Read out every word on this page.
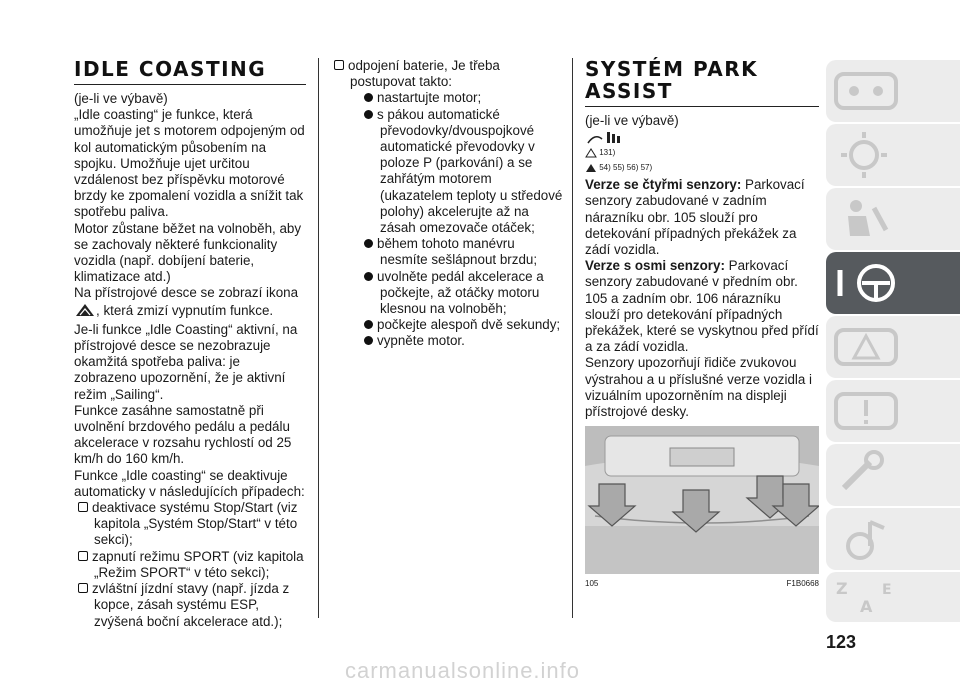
IDLE COASTING

(je-li ve výbavě)

„Idle coasting“ je funkce, která umožňuje jet s motorem odpojeným od kol automatickým působením na spojku. Umožňuje ujet určitou vzdálenost bez příspěvku motorové brzdy ke zpomalení vozidla a snížit tak spotřebu paliva.

Motor zůstane běžet na volnoběh, aby se zachovaly některé funkcionality vozidla (např. dobíjení baterie, klimatizace atd.)

Na přístrojové desce se zobrazí ikona
, která zmizí vypnutím funkce.

Je-li funkce „Idle Coasting“ aktivní, na přístrojové desce se nezobrazuje okamžitá spotřeba paliva: je zobrazeno upozornění, že je aktivní režim „Sailing“.

Funkce zasáhne samostatně při uvolnění brzdového pedálu a pedálu akcelerace v rozsahu rychlostí od 25 km/h do 160 km/h.

Funkce „Idle coasting“ se deaktivuje automaticky v následujících případech:

deaktivace systému Stop/Start (viz kapitola „Systém Stop/Start“ v této sekci);

zapnutí režimu SPORT (viz kapitola „Režim SPORT“ v této sekci);

zvláštní jízdní stavy (např. jízda z kopce, zásah systému ESP, zvýšená boční akcelerace atd.);

odpojení baterie, Je třeba postupovat takto:

nastartujte motor;

s pákou automatické převodovky/dvouspojkové automatické převodovky v poloze P (parkování) a se zahřátým motorem (ukazatelem teploty u středové polohy) akcelerujte až na zásah omezovače otáček;

během tohoto manévru nesmíte sešlápnout brzdu;

uvolněte pedál akcelerace a počkejte, až otáčky motoru klesnou na volnoběh;

počkejte alespoň dvě sekundy;

vypněte motor.

SYSTÉM PARK
ASSIST

(je-li ve výbavě)

131)

54) 55) 56) 57)

Verze se čtyřmi senzory: Parkovací senzory zabudované v zadním nárazníku obr. 105 slouží pro detekování případných překážek za zádí vozidla.

Verze s osmi senzory: Parkovací senzory zabudované v předním obr. 105 a zadním obr. 106 nárazníku slouží pro detekování případných překážek, které se vyskytnou před přídí a za zádí vozidla.

Senzory upozorňují řidiče zvukovou výstrahou a u příslušné verze vozidla i vizuálním upozorněním na displeji přístrojové desky.

105	F1B0668 Z
A
E
123
carmanualsonline.info
